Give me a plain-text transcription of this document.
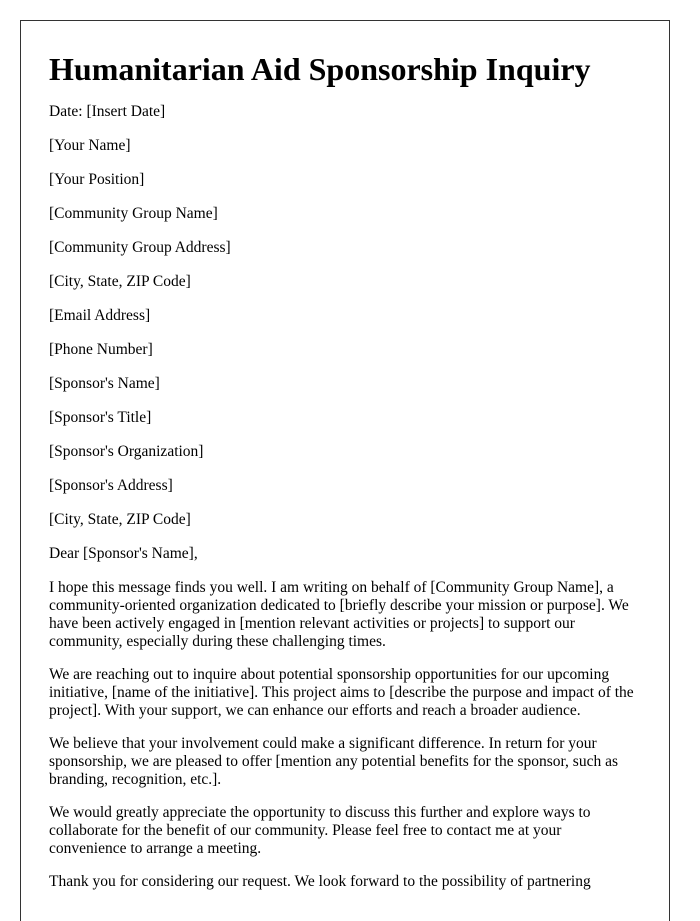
Humanitarian Aid Sponsorship Inquiry
Date: [Insert Date]
[Your Name]
[Your Position]
[Community Group Name]
[Community Group Address]
[City, State, ZIP Code]
[Email Address]
[Phone Number]
[Sponsor's Name]
[Sponsor's Title]
[Sponsor's Organization]
[Sponsor's Address]
[City, State, ZIP Code]
Dear [Sponsor's Name],

I hope this message finds you well. I am writing on behalf of [Community Group Name], a community-oriented organization dedicated to [briefly describe your mission or purpose]. We have been actively engaged in [mention relevant activities or projects] to support our community, especially during these challenging times.

We are reaching out to inquire about potential sponsorship opportunities for our upcoming initiative, [name of the initiative]. This project aims to [describe the purpose and impact of the project]. With your support, we can enhance our efforts and reach a broader audience.

We believe that your involvement could make a significant difference. In return for your sponsorship, we are pleased to offer [mention any potential benefits for the sponsor, such as branding, recognition, etc.].

We would greatly appreciate the opportunity to discuss this further and explore ways to collaborate for the benefit of our community. Please feel free to contact me at your convenience to arrange a meeting.

Thank you for considering our request. We look forward to the possibility of partnering
